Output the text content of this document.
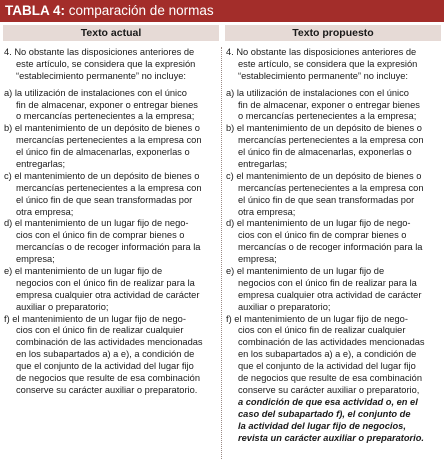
TABLA 4: comparación de normas
Texto actual	Texto propuesto
4. No obstante las disposiciones anteriores de
este artículo, se considera que la expresión
“establecimiento permanente” no incluye:
a) la utilización de instalaciones con el único
fin de almacenar, exponer o entregar bienes
o mercancías pertenecientes a la empresa;
b) el mantenimiento de un depósito de bienes o
mercancías pertenecientes a la empresa con
el único fin de almacenarlas, exponerlas o
entregarlas;
c) el mantenimiento de un depósito de bienes o
mercancías pertenecientes a la empresa con
el único fin de que sean transformadas por
otra empresa;
d) el mantenimiento de un lugar fijo de nego-
cios con el único fin de comprar bienes o
mercancías o de recoger información para la
empresa;
e) el mantenimiento de un lugar fijo de
negocios con el único fin de realizar para la
empresa cualquier otra actividad de carácter
auxiliar o preparatorio;
f) el mantenimiento de un lugar fijo de nego-
cios con el único fin de realizar cualquier
combinación de las actividades mencionadas
en los subapartados a) a e), a condición de
que el conjunto de la actividad del lugar fijo
de negocios que resulte de esa combinación
conserve su carácter auxiliar o preparatorio.
4. No obstante las disposiciones anteriores de
este artículo, se considera que la expresión
“establecimiento permanente” no incluye:
a) la utilización de instalaciones con el único
fin de almacenar, exponer o entregar bienes
o mercancías pertenecientes a la empresa;
b) el mantenimiento de un depósito de bienes o
mercancías pertenecientes a la empresa con
el único fin de almacenarlas, exponerlas o
entregarlas;
c) el mantenimiento de un depósito de bienes o
mercancías pertenecientes a la empresa con
el único fin de que sean transformadas por
otra empresa;
d) el mantenimiento de un lugar fijo de nego-
cios con el único fin de comprar bienes o
mercancías o de recoger información para la
empresa;
e) el mantenimiento de un lugar fijo de
negocios con el único fin de realizar para la
empresa cualquier otra actividad de carácter
auxiliar o preparatorio;
f) el mantenimiento de un lugar fijo de nego-
cios con el único fin de realizar cualquier
combinación de las actividades mencionadas
en los subapartados a) a e), a condición de
que el conjunto de la actividad del lugar fijo
de negocios que resulte de esa combinación
conserve su carácter auxiliar o preparatorio,
a condición de que esa actividad o, en el
caso del subapartado f), el conjunto de
la actividad del lugar fijo de negocios,
revista un carácter auxiliar o preparatorio.
